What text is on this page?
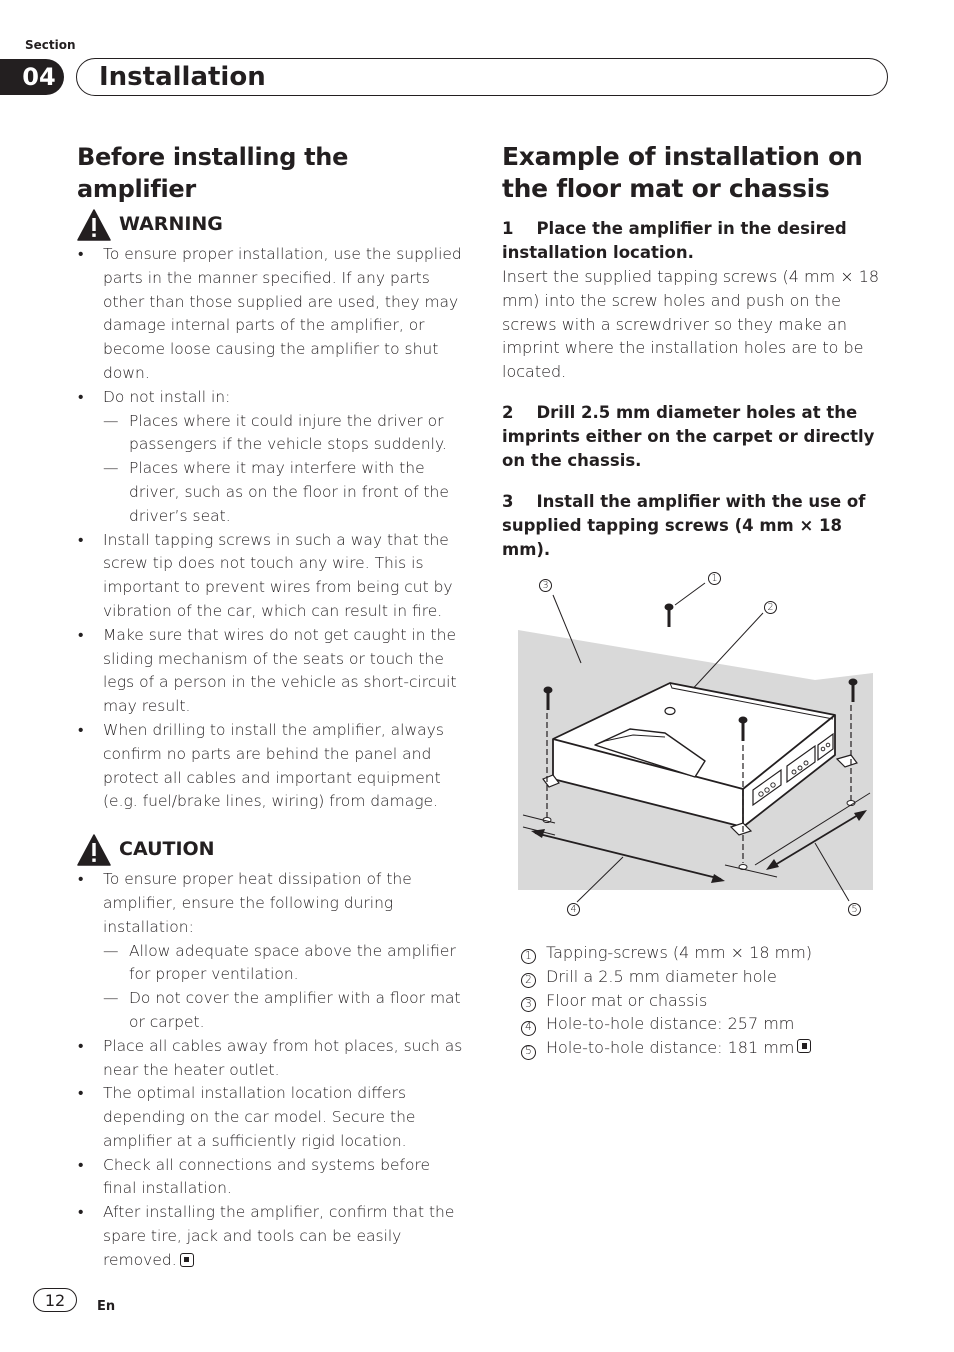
Section
04	Installation
Before installing the amplifier
WARNING
• To ensure proper installation, use the supplied parts in the manner specified. If any parts other than those supplied are used, they may damage internal parts of the amplifier, or become loose causing the amplifier to shut down.
• Do not install in:
— Places where it could injure the driver or passengers if the vehicle stops suddenly.
— Places where it may interfere with the driver, such as on the floor in front of the driver’s seat.
• Install tapping screws in such a way that the screw tip does not touch any wire. This is important to prevent wires from being cut by vibration of the car, which can result in fire.
• Make sure that wires do not get caught in the sliding mechanism of the seats or touch the legs of a person in the vehicle as short-circuit may result.
• When drilling to install the amplifier, always confirm no parts are behind the panel and protect all cables and important equipment (e.g. fuel/brake lines, wiring) from damage.
CAUTION
• To ensure proper heat dissipation of the amplifier, ensure the following during installation:
— Allow adequate space above the amplifier for proper ventilation.
— Do not cover the amplifier with a floor mat or carpet.
• Place all cables away from hot places, such as near the heater outlet.
• The optimal installation location differs depending on the car model. Secure the amplifier at a sufficiently rigid location.
• Check all connections and systems before final installation.
• After installing the amplifier, confirm that the spare tire, jack and tools can be easily removed.
Example of installation on
the floor mat or chassis
1 Place the amplifier in the desired installation location.
Insert the supplied tapping screws (4 mm × 18 mm) into the screw holes and push on the screws with a screwdriver so they make an imprint where the installation holes are to be located.
2 Drill 2.5 mm diameter holes at the imprints either on the carpet or directly on the chassis.
3 Install the amplifier with the use of supplied tapping screws (4 mm × 18 mm).
3
1
2
4	5
1 Tapping-screws (4 mm × 18 mm)
2 Drill a 2.5 mm diameter hole
3 Floor mat or chassis
4 Hole-to-hole distance: 257 mm
5 Hole-to-hole distance: 181 mm
12	En
